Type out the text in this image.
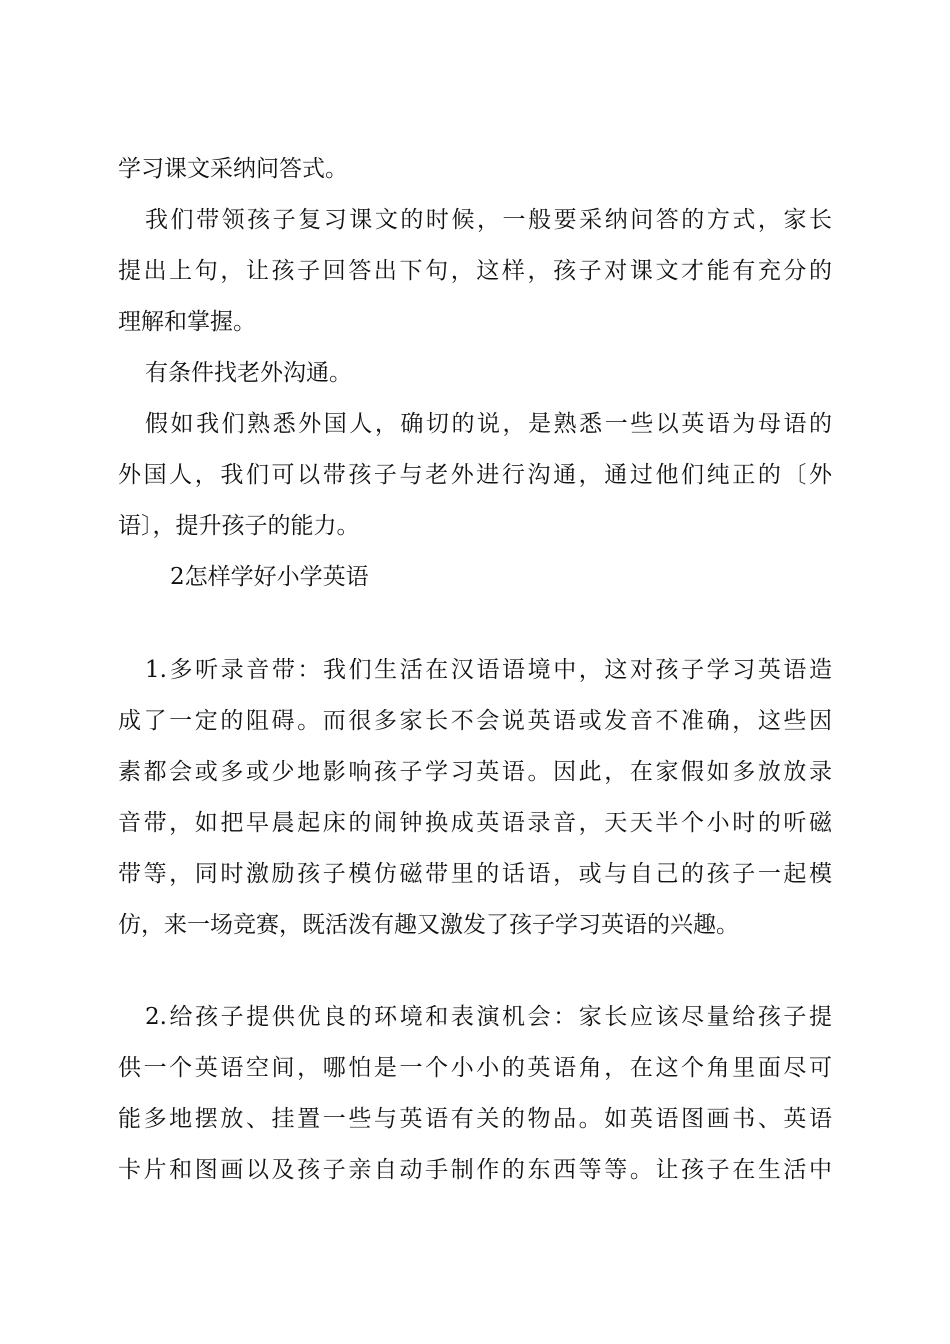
学习课文采纳问答式。
我们带领孩子复习课文的时候，一般要采纳问答的方式，家长
提出上句，让孩子回答出下句，这样，孩子对课文才能有充分的
理解和掌握。
有条件找老外沟通。
假如我们熟悉外国人，确切的说，是熟悉一些以英语为母语的
外国人，我们可以带孩子与老外进行沟通，通过他们纯正的〔外
语〕，提升孩子的能力。
2怎样学好小学英语
1.多听录音带：我们生活在汉语语境中，这对孩子学习英语造
成了一定的阻碍。而很多家长不会说英语或发音不准确，这些因
素都会或多或少地影响孩子学习英语。因此，在家假如多放放录
音带，如把早晨起床的闹钟换成英语录音，天天半个小时的听磁
带等，同时激励孩子模仿磁带里的话语，或与自己的孩子一起模
仿，来一场竞赛，既活泼有趣又激发了孩子学习英语的兴趣。
2.给孩子提供优良的环境和表演机会：家长应该尽量给孩子提
供一个英语空间，哪怕是一个小小的英语角，在这个角里面尽可
能多地摆放、挂置一些与英语有关的物品。如英语图画书、英语
卡片和图画以及孩子亲自动手制作的东西等等。让孩子在生活中
